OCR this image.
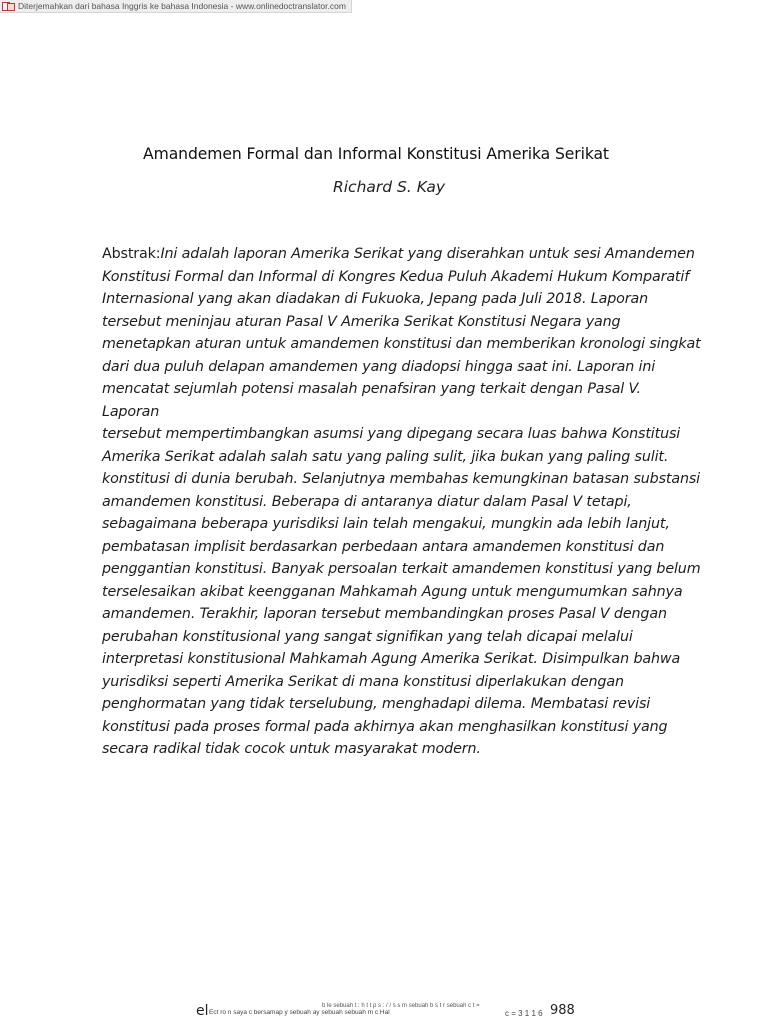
Diterjemahkan dari bahasa Inggris ke bahasa Indonesia - www.onlinedoctranslator.com
Amandemen Formal dan Informal Konstitusi Amerika Serikat
Richard S. Kay
Abstrak:Ini adalah laporan Amerika Serikat yang diserahkan untuk sesi Amandemen
Konstitusi Formal dan Informal di Kongres Kedua Puluh Akademi Hukum Komparatif
Internasional yang akan diadakan di Fukuoka, Jepang pada Juli 2018. Laporan
tersebut meninjau aturan Pasal V Amerika Serikat Konstitusi Negara yang
menetapkan aturan untuk amandemen konstitusi dan memberikan kronologi singkat
dari dua puluh delapan amandemen yang diadopsi hingga saat ini. Laporan ini
mencatat sejumlah potensi masalah penafsiran yang terkait dengan Pasal V. Laporan
tersebut mempertimbangkan asumsi yang dipegang secara luas bahwa Konstitusi
Amerika Serikat adalah salah satu yang paling sulit, jika bukan yang paling sulit.
konstitusi di dunia berubah. Selanjutnya membahas kemungkinan batasan substansi
amandemen konstitusi. Beberapa di antaranya diatur dalam Pasal V tetapi,
sebagaimana beberapa yurisdiksi lain telah mengakui, mungkin ada lebih lanjut,
pembatasan implisit berdasarkan perbedaan antara amandemen konstitusi dan
penggantian konstitusi. Banyak persoalan terkait amandemen konstitusi yang belum
terselesaikan akibat keengganan Mahkamah Agung untuk mengumumkan sahnya
amandemen. Terakhir, laporan tersebut membandingkan proses Pasal V dengan
perubahan konstitusional yang sangat signifikan yang telah dicapai melalui
interpretasi konstitusional Mahkamah Agung Amerika Serikat. Disimpulkan bahwa
yurisdiksi seperti Amerika Serikat di mana konstitusi diperlakukan dengan
penghormatan yang tidak terselubung, menghadapi dilema. Membatasi revisi
konstitusi pada proses formal pada akhirnya akan menghasilkan konstitusi yang
secara radikal tidak cocok untuk masyarakat modern.
el Ect ro n saya c bersamap y sebuah ay sebuah sebuah m c Hal
b le sebuah t : h t t p s : / / s s m sebuah b s t r sebuah c t =
c = 3 1 1 6 988
